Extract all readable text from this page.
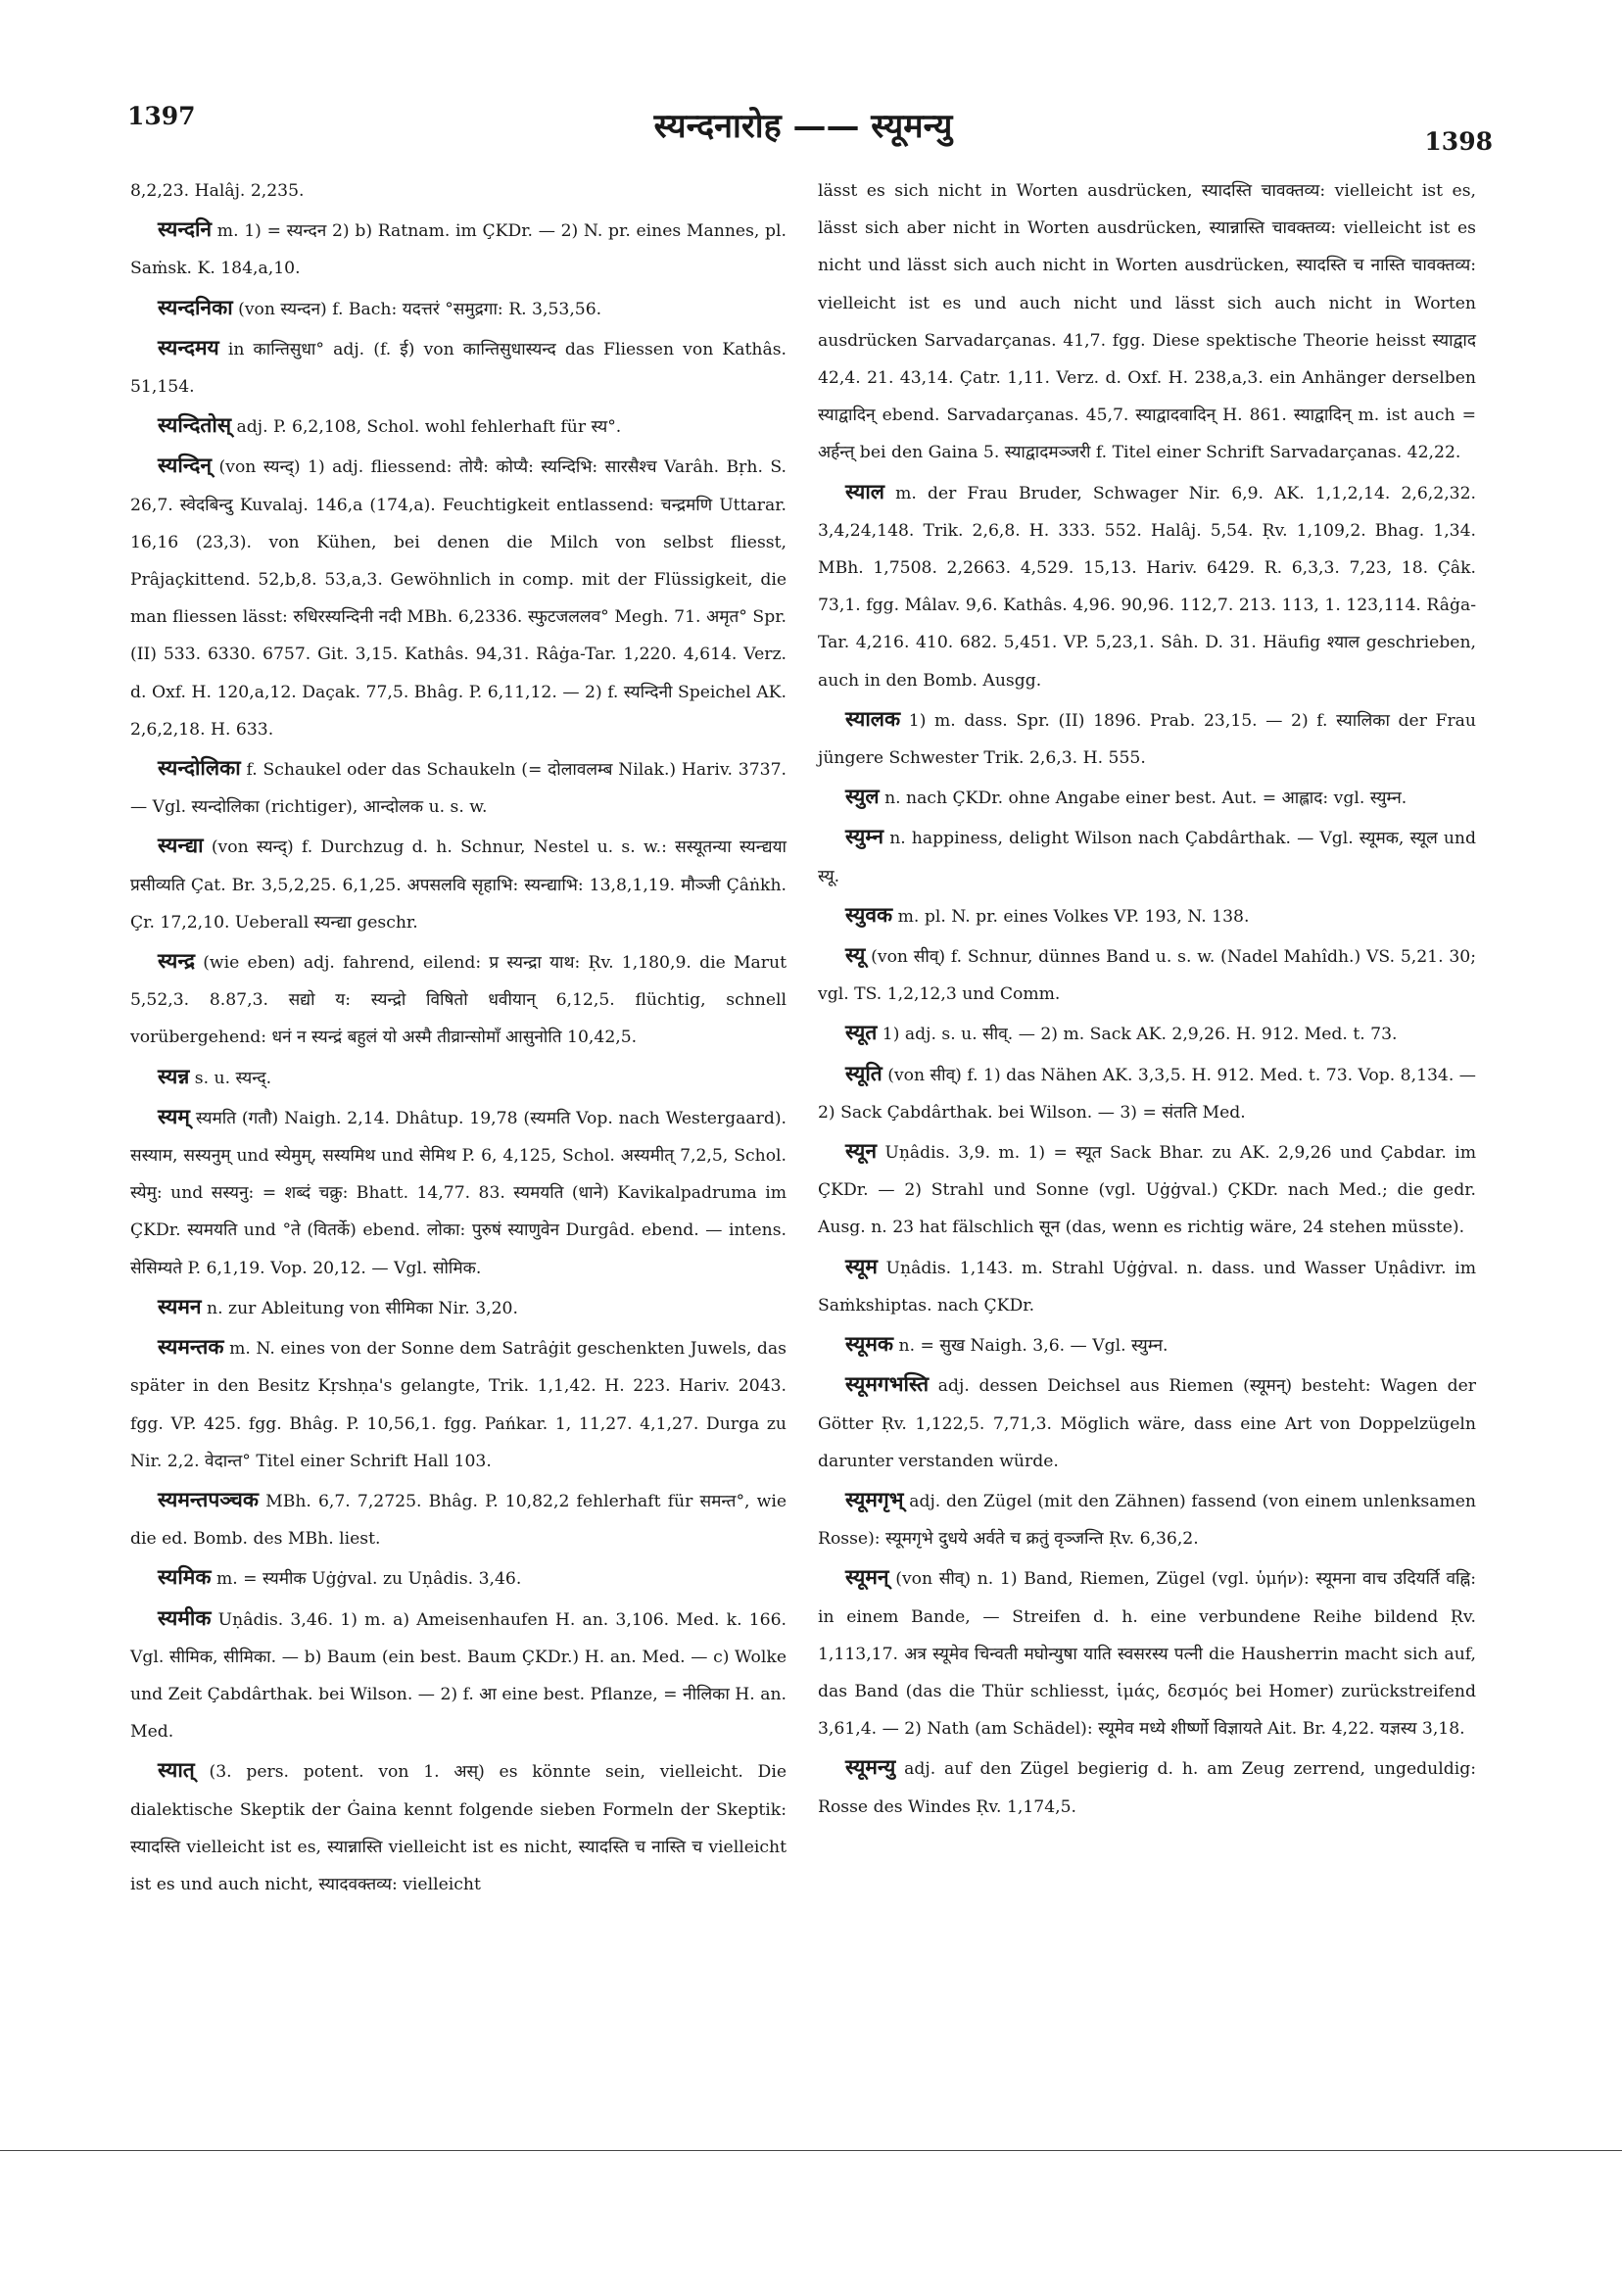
1397	स्यन्दनारोह —— स्यूमन्यु	1398

8,2,23. Halâj. 2,235.

स्यन्दनि m. 1) = स्यन्दन 2) b) Ratnam. im ÇKDr. — 2) N. pr. eines Mannes, pl. Saṁsk. K. 184,a,10.

स्यन्दनिका (von स्यन्दन) f. Bach: यदत्तरं °समुद्रगा: R. 3,53,56.

स्यन्दमय in कान्तिसुधा° adj. (f. ई) von कान्तिसुधास्यन्द das Fliessen von Kathâs. 51,154.

स्यन्दितोस् adj. P. 6,2,108, Schol. wohl fehlerhaft für स्य°.

स्यन्दिन् (von स्यन्द्) 1) adj. fliessend: तोयै: कोप्यै: स्यन्दिभि: सारसैश्च Varâh. Bṛh. S. 26,7. स्वेदबिन्दु Kuvalaj. 146,a (174,a). Feuchtigkeit entlassend: चन्द्रमणि Uttarar. 16,16 (23,3). von Kühen, bei denen die Milch von selbst fliesst, Prâjaçkittend. 52,b,8. 53,a,3. Gewöhnlich in comp. mit der Flüssigkeit, die man fliessen lässt: रुधिरस्यन्दिनी नदी MBh. 6,2336. स्फुटजललव° Megh. 71. अमृत° Spr. (II) 533. 6330. 6757. Git. 3,15. Kathâs. 94,31. Râġa-Tar. 1,220. 4,614. Verz. d. Oxf. H. 120,a,12. Daçak. 77,5. Bhâg. P. 6,11,12. — 2) f. स्यन्दिनी Speichel AK. 2,6,2,18. H. 633.

स्यन्दोलिका f. Schaukel oder das Schaukeln (= दोलावलम्ब Nilak.) Hariv. 3737. — Vgl. स्यन्दोलिका (richtiger), आन्दोलक u. s. w.

स्यन्द्या (von स्यन्द्) f. Durchzug d. h. Schnur, Nestel u. s. w.: सस्यूतन्या स्यन्द्यया प्रसीव्यति Çat. Br. 3,5,2,25. 6,1,25. अपसलवि सृहाभि: स्यन्द्याभि: 13,8,1,19. मौञ्जी Çâṅkh. Çr. 17,2,10. Ueberall स्यन्द्या geschr.

स्यन्द्र (wie eben) adj. fahrend, eilend: प्र स्यन्द्रा याथ: Ṛv. 1,180,9. die Marut 5,52,3. 8.87,3. सद्यो य: स्यन्द्रो विषितो धवीयान् 6,12,5. flüchtig, schnell vorübergehend: धनं न स्यन्द्रं बहुलं यो अस्मै तीव्रान्सोमाँ आसुनोति 10,42,5.

स्यन्न s. u. स्यन्द्.

स्यम् स्यमति (गतौ) Naigh. 2,14. Dhâtup. 19,78 (स्यमति Vop. nach Westergaard). सस्याम, सस्यनुम् und स्येमुम्, सस्यमिथ und सेमिथ P. 6, 4,125, Schol. अस्यमीत् 7,2,5, Schol. स्येमु: und सस्यनु: = शब्दं चक्रु: Bhatt. 14,77. 83. स्यमयति (धाने) Kavikalpadruma im ÇKDr. स्यमयति und °ते (वितर्के) ebend. लोका: पुरुषं स्याणुवेन Durgâd. ebend. — intens. सेसिम्यते P. 6,1,19. Vop. 20,12. — Vgl. सोमिक.

स्यमन n. zur Ableitung von सीमिका Nir. 3,20.

स्यमन्तक m. N. eines von der Sonne dem Satrâġit geschenkten Juwels, das später in den Besitz Kṛshṇa's gelangte, Trik. 1,1,42. H. 223. Hariv. 2043. fgg. VP. 425. fgg. Bhâg. P. 10,56,1. fgg. Pańkar. 1, 11,27. 4,1,27. Durga zu Nir. 2,2. वेदान्त° Titel einer Schrift Hall 103.

स्यमन्तपञ्चक MBh. 6,7. 7,2725. Bhâg. P. 10,82,2 fehlerhaft für समन्त°, wie die ed. Bomb. des MBh. liest.

स्यमिक m. = स्यमीक Uġġval. zu Uṇâdis. 3,46.

स्यमीक Uṇâdis. 3,46. 1) m. a) Ameisenhaufen H. an. 3,106. Med. k. 166. Vgl. सीमिक, सीमिका. — b) Baum (ein best. Baum ÇKDr.) H. an. Med. — c) Wolke und Zeit Çabdârthak. bei Wilson. — 2) f. आ eine best. Pflanze, = नीलिका H. an. Med.

स्यात् (3. pers. potent. von 1. अस्) es könnte sein, vielleicht. Die dialektische Skeptik der Ġaina kennt folgende sieben Formeln der Skeptik: स्यादस्ति vielleicht ist es, स्यान्नास्ति vielleicht ist es nicht, स्यादस्ति च नास्ति च vielleicht ist es und auch nicht, स्यादवक्तव्य: vielleicht

lässt es sich nicht in Worten ausdrücken, स्यादस्ति चावक्तव्य: vielleicht ist es, lässt sich aber nicht in Worten ausdrücken, स्यान्नास्ति चावक्तव्य: vielleicht ist es nicht und lässt sich auch nicht in Worten ausdrücken, स्यादस्ति च नास्ति चावक्तव्य: vielleicht ist es und auch nicht und lässt sich auch nicht in Worten ausdrücken Sarvadarçanas. 41,7. fgg. Diese spektische Theorie heisst स्याद्वाद 42,4. 21. 43,14. Çatr. 1,11. Verz. d. Oxf. H. 238,a,3. ein Anhänger derselben स्याद्वादिन् ebend. Sarvadarçanas. 45,7. स्याद्वादवादिन् H. 861. स्याद्वादिन् m. ist auch = अर्हन्त् bei den Gaina 5. स्याद्वादमञ्जरी f. Titel einer Schrift Sarvadarçanas. 42,22.

स्याल m. der Frau Bruder, Schwager Nir. 6,9. AK. 1,1,2,14. 2,6,2,32. 3,4,24,148. Trik. 2,6,8. H. 333. 552. Halâj. 5,54. Ṛv. 1,109,2. Bhag. 1,34. MBh. 1,7508. 2,2663. 4,529. 15,13. Hariv. 6429. R. 6,3,3. 7,23, 18. Çâk. 73,1. fgg. Mâlav. 9,6. Kathâs. 4,96. 90,96. 112,7. 213. 113, 1. 123,114. Râġa-Tar. 4,216. 410. 682. 5,451. VP. 5,23,1. Sâh. D. 31. Häufig श्याल geschrieben, auch in den Bomb. Ausgg.

स्यालक 1) m. dass. Spr. (II) 1896. Prab. 23,15. — 2) f. स्यालिका der Frau jüngere Schwester Trik. 2,6,3. H. 555.

स्युल n. nach ÇKDr. ohne Angabe einer best. Aut. = आह्लाद: vgl. स्युम्न.

स्युम्न n. happiness, delight Wilson nach Çabdârthak. — Vgl. स्यूमक, स्यूल und स्यू.

स्युवक m. pl. N. pr. eines Volkes VP. 193, N. 138.

स्यू (von सीव्) f. Schnur, dünnes Band u. s. w. (Nadel Mahîdh.) VS. 5,21. 30; vgl. TS. 1,2,12,3 und Comm.

स्यूत 1) adj. s. u. सीव्. — 2) m. Sack AK. 2,9,26. H. 912. Med. t. 73.

स्यूति (von सीव्) f. 1) das Nähen AK. 3,3,5. H. 912. Med. t. 73. Vop. 8,134. — 2) Sack Çabdârthak. bei Wilson. — 3) = संतति Med.

स्यून Uṇâdis. 3,9. m. 1) = स्यूत Sack Bhar. zu AK. 2,9,26 und Çabdar. im ÇKDr. — 2) Strahl und Sonne (vgl. Uġġval.) ÇKDr. nach Med.; die gedr. Ausg. n. 23 hat fälschlich सून (das, wenn es richtig wäre, 24 stehen müsste).

स्यूम Uṇâdis. 1,143. m. Strahl Uġġval. n. dass. und Wasser Uṇâdivr. im Saṁkshiptas. nach ÇKDr.

स्यूमक n. = सुख Naigh. 3,6. — Vgl. स्युम्न.

स्यूमगभस्ति adj. dessen Deichsel aus Riemen (स्यूमन्) besteht: Wagen der Götter Ṛv. 1,122,5. 7,71,3. Möglich wäre, dass eine Art von Doppelzügeln darunter verstanden würde.

स्यूमगृभ् adj. den Zügel (mit den Zähnen) fassend (von einem unlenksamen Rosse): स्यूमगृभे दुधये अर्वते च क्रतुं वृञ्जन्ति Ṛv. 6,36,2.

स्यूमन् (von सीव्) n. 1) Band, Riemen, Zügel (vgl. ὑμήν): स्यूमना वाच उदियर्ति वह्नि: in einem Bande, — Streifen d. h. eine verbundene Reihe bildend Ṛv. 1,113,17. अत्र स्यूमेव चिन्वती मघोन्युषा याति स्वसरस्य पत्नी die Hausherrin macht sich auf, das Band (das die Thür schliesst, ἱμάς, δεσμός bei Homer) zurückstreifend 3,61,4. — 2) Nath (am Schädel): स्यूमेव मध्ये शीर्ष्णो विज्ञायते Ait. Br. 4,22. यज्ञस्य 3,18.

स्यूमन्यु adj. auf den Zügel begierig d. h. am Zeug zerrend, ungeduldig: Rosse des Windes Ṛv. 1,174,5.
